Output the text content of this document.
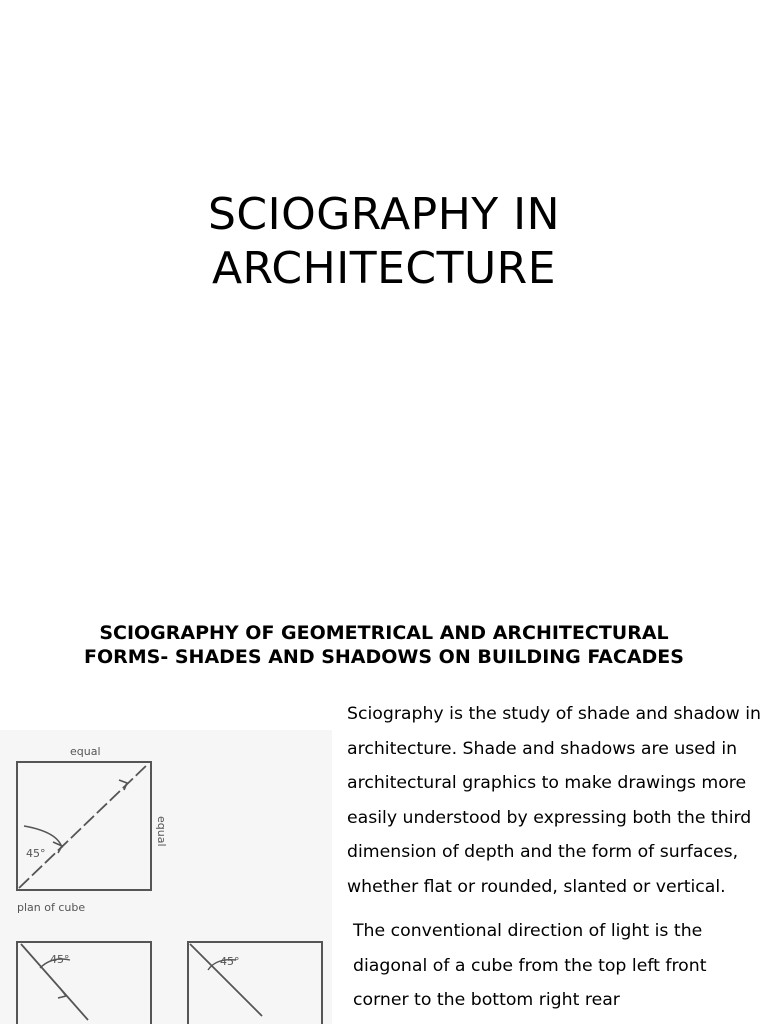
SCIOGRAPHY IN
ARCHITECTURE
SCIOGRAPHY OF GEOMETRICAL AND ARCHITECTURAL
FORMS- SHADES AND SHADOWS ON BUILDING FACADES
equal
equal
45°
plan of cube
45°	45°

Sciography is the study of shade and shadow in architecture. Shade and shadows are used in architectural graphics to make drawings more easily understood by expressing both the third dimension of depth and the form of surfaces, whether flat or rounded, slanted or vertical.

The conventional direction of light is the diagonal of a cube from the top left front corner to the bottom right rear
